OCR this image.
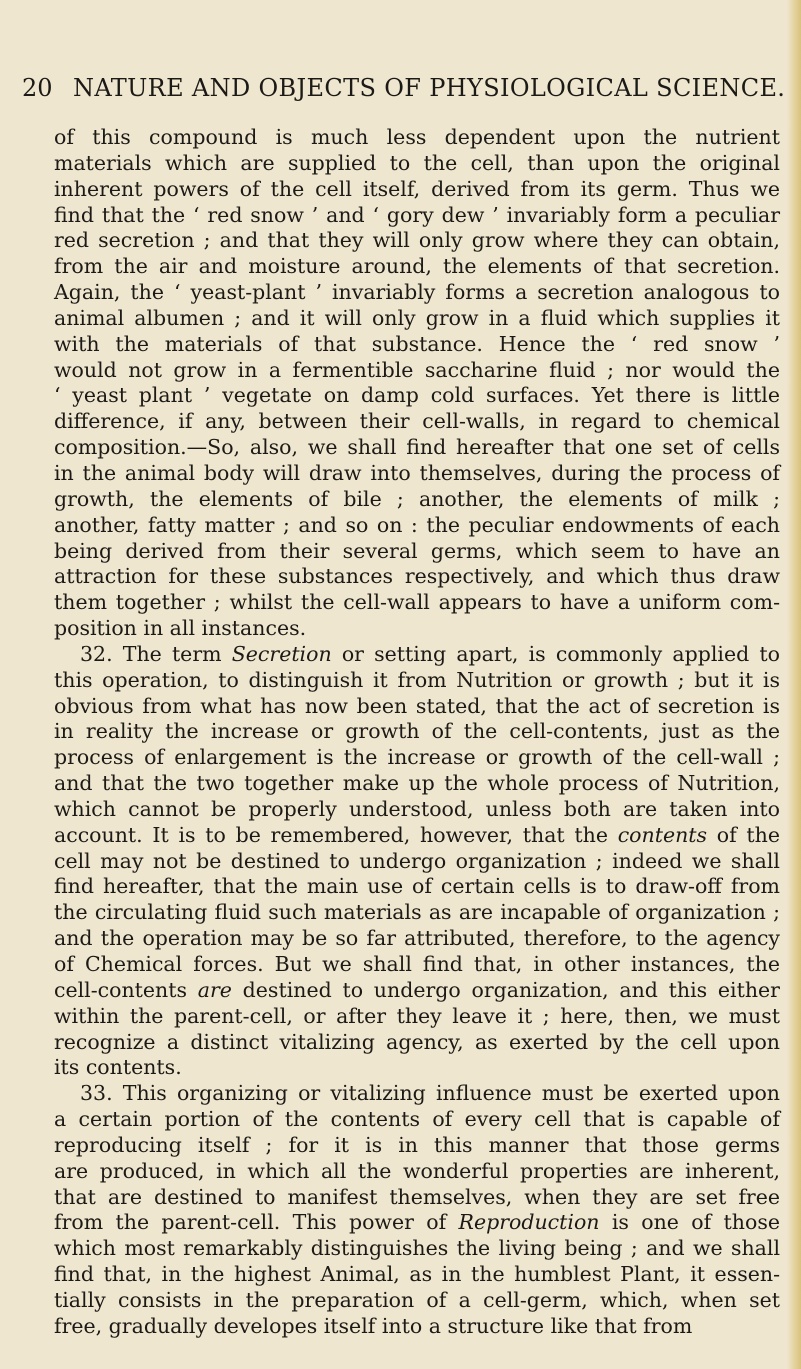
20 NATURE AND OBJECTS OF PHYSIOLOGICAL SCIENCE.
of this compound is much less dependent upon the nutrient
materials which are supplied to the cell, than upon the original
inherent powers of the cell itself, derived from its germ. Thus we
find that the ‘ red snow ’ and ‘ gory dew ’ invariably form a peculiar
red secretion ; and that they will only grow where they can obtain,
from the air and moisture around, the elements of that secretion.
Again, the ‘ yeast-plant ’ invariably forms a secretion analogous to
animal albumen ; and it will only grow in a fluid which supplies it
with the materials of that substance. Hence the ‘ red snow ’
would not grow in a fermentible saccharine fluid ; nor would the
‘ yeast plant ’ vegetate on damp cold surfaces. Yet there is little
difference, if any, between their cell-walls, in regard to chemical
composition.—So, also, we shall find hereafter that one set of cells
in the animal body will draw into themselves, during the process of
growth, the elements of bile ; another, the elements of milk ;
another, fatty matter ; and so on : the peculiar endowments of each
being derived from their several germs, which seem to have an
attraction for these substances respectively, and which thus draw
them together ; whilst the cell-wall appears to have a uniform com-
position in all instances.
32. The term Secretion or setting apart, is commonly applied to
this operation, to distinguish it from Nutrition or growth ; but it is
obvious from what has now been stated, that the act of secretion is
in reality the increase or growth of the cell-contents, just as the
process of enlargement is the increase or growth of the cell-wall ;
and that the two together make up the whole process of Nutrition,
which cannot be properly understood, unless both are taken into
account. It is to be remembered, however, that the contents of the
cell may not be destined to undergo organization ; indeed we shall
find hereafter, that the main use of certain cells is to draw-off from
the circulating fluid such materials as are incapable of organization ;
and the operation may be so far attributed, therefore, to the agency
of Chemical forces. But we shall find that, in other instances, the
cell-contents are destined to undergo organization, and this either
within the parent-cell, or after they leave it ; here, then, we must
recognize a distinct vitalizing agency, as exerted by the cell upon
its contents.
33. This organizing or vitalizing influence must be exerted upon
a certain portion of the contents of every cell that is capable of
reproducing itself ; for it is in this manner that those germs
are produced, in which all the wonderful properties are inherent,
that are destined to manifest themselves, when they are set free
from the parent-cell. This power of Reproduction is one of those
which most remarkably distinguishes the living being ; and we shall
find that, in the highest Animal, as in the humblest Plant, it essen-
tially consists in the preparation of a cell-germ, which, when set
free, gradually developes itself into a structure like that from
